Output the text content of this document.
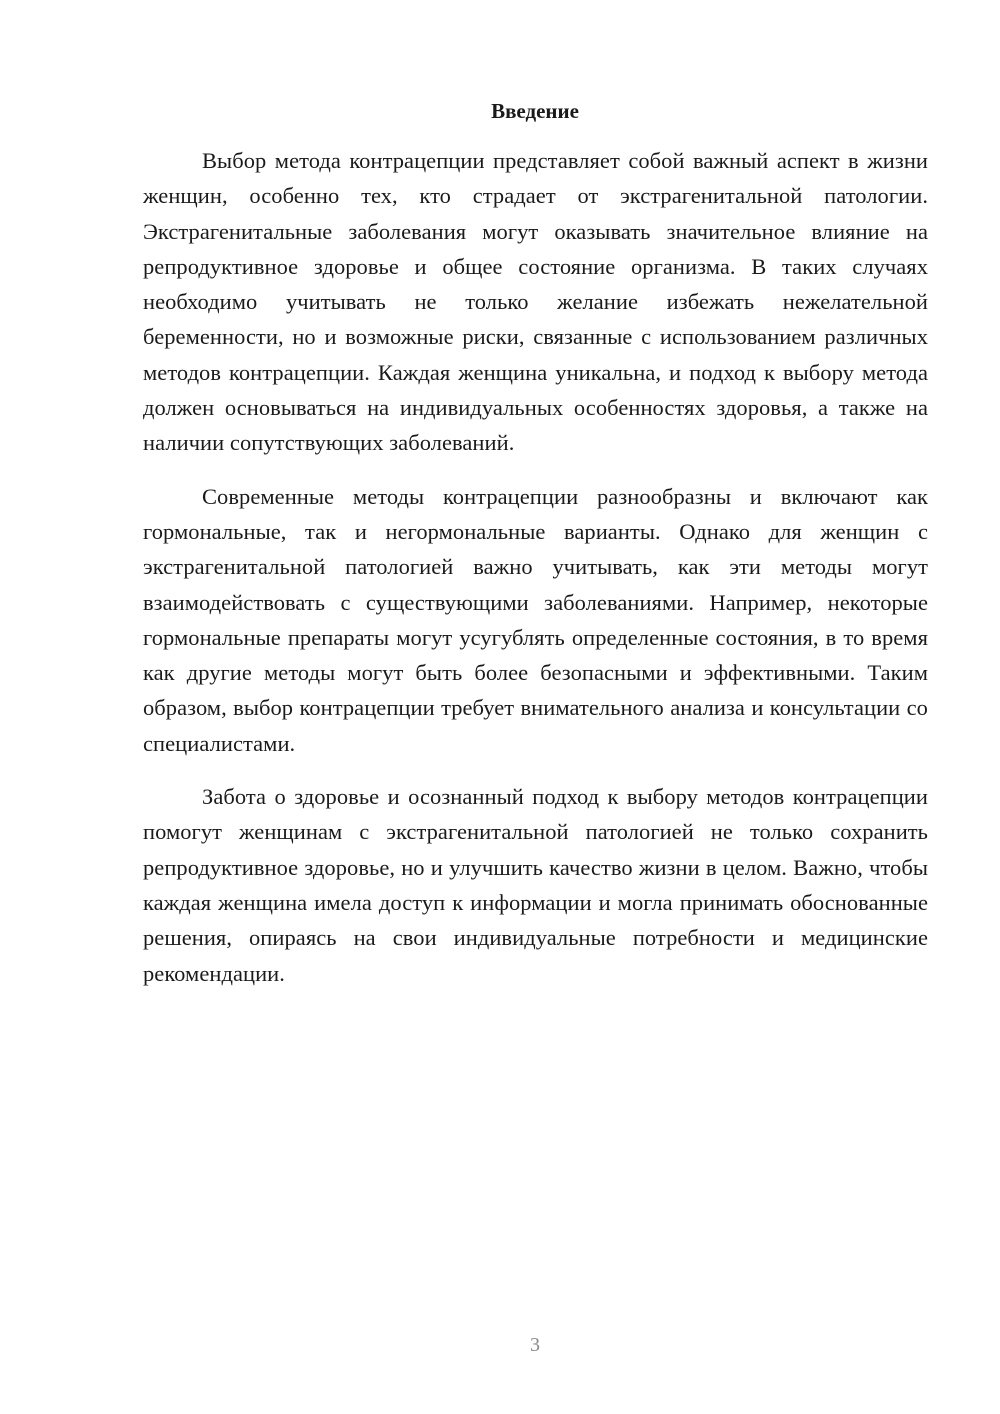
Введение

Выбор метода контрацепции представляет собой важный аспект в жизни женщин, особенно тех, кто страдает от экстрагенитальной патологии. Экстрагенитальные заболевания могут оказывать значительное влияние на репродуктивное здоровье и общее состояние организма. В таких случаях необходимо учитывать не только желание избежать нежелательной беременности, но и возможные риски, связанные с использованием различных методов контрацепции. Каждая женщина уникальна, и подход к выбору метода должен основываться на индивидуальных особенностях здоровья, а также на наличии сопутствующих заболеваний.

Современные методы контрацепции разнообразны и включают как гормональные, так и негормональные варианты. Однако для женщин с экстрагенитальной патологией важно учитывать, как эти методы могут взаимодействовать с существующими заболеваниями. Например, некоторые гормональные препараты могут усугублять определенные состояния, в то время как другие методы могут быть более безопасными и эффективными. Таким образом, выбор контрацепции требует внимательного анализа и консультации со специалистами.

Забота о здоровье и осознанный подход к выбору методов контрацепции помогут женщинам с экстрагенитальной патологией не только сохранить репродуктивное здоровье, но и улучшить качество жизни в целом. Важно, чтобы каждая женщина имела доступ к информации и могла принимать обоснованные решения, опираясь на свои индивидуальные потребности и медицинские рекомендации.

3
